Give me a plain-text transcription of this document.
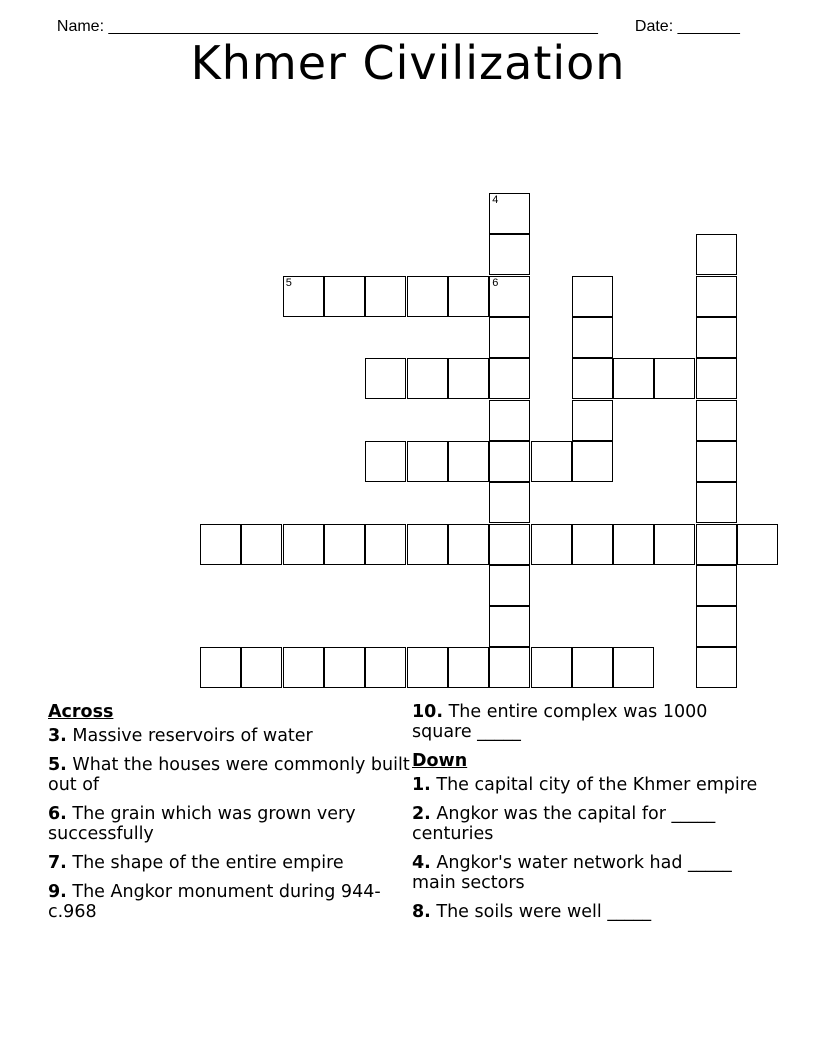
Name: _______________________________________________________	Date: _______

Khmer Civilization
4
6
5
Across
3. Massive reservoirs of water
5. What the houses were commonly built out of
6. The grain which was grown very successfully
7. The shape of the entire empire
9. The Angkor monument during 944-c.968
10. The entire complex was 1000 square _____
Down
1. The capital city of the Khmer empire
2. Angkor was the capital for _____ centuries
4. Angkor's water network had _____ main sectors
8. The soils were well _____
